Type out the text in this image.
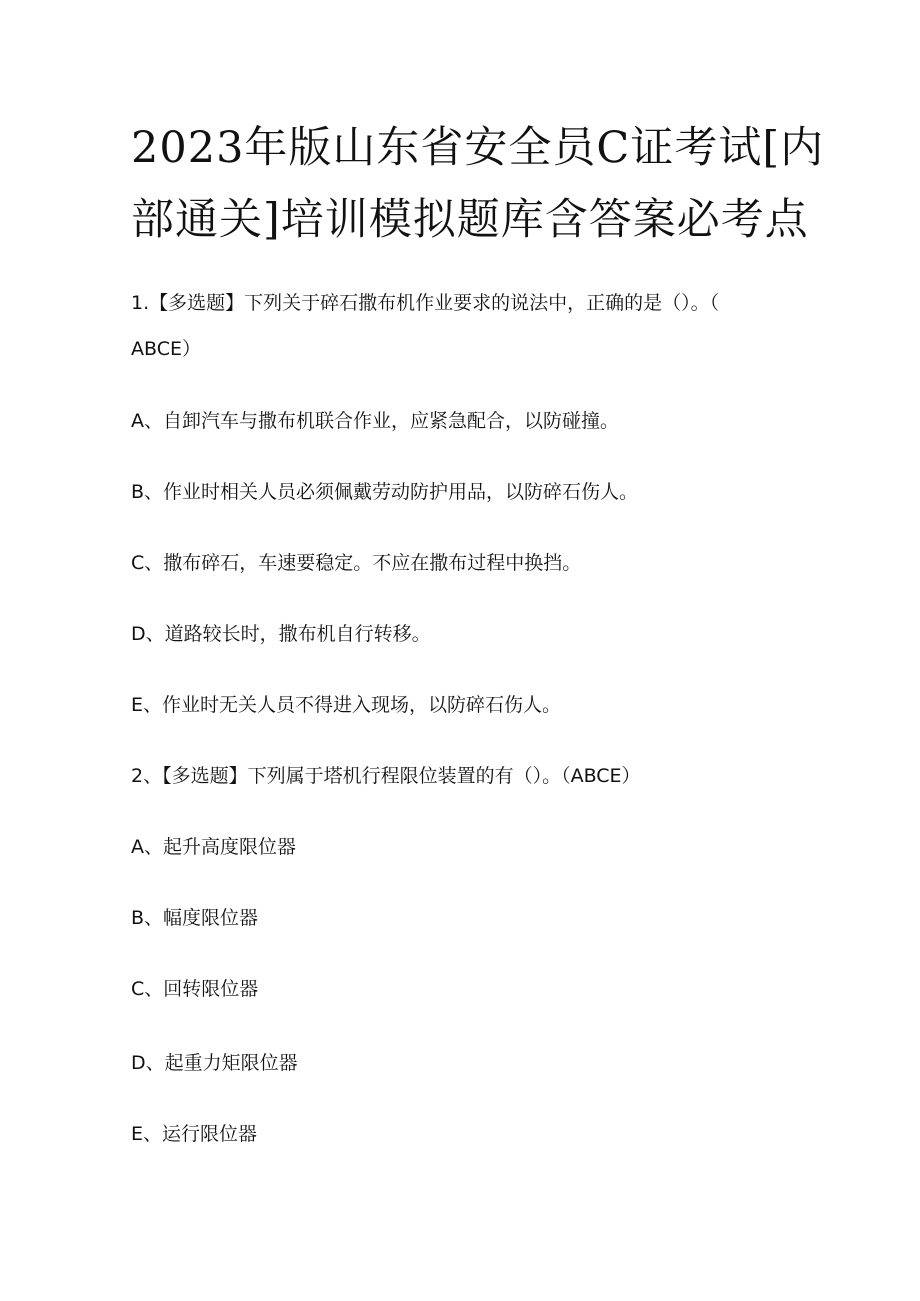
2023年版山东省安全员C证考试[内
部通关]培训模拟题库含答案必考点

1.【多选题】下列关于碎石撒布机作业要求的说法中，正确的是（）。（

ABCE）

A、自卸汽车与撒布机联合作业，应紧急配合，以防碰撞。

B、作业时相关人员必须佩戴劳动防护用品，以防碎石伤人。

C、撒布碎石，车速要稳定。不应在撒布过程中换挡。

D、道路较长时，撒布机自行转移。

E、作业时无关人员不得进入现场，以防碎石伤人。

2、【多选题】下列属于塔机行程限位装置的有（）。（ABCE）

A、起升高度限位器

B、幅度限位器

C、回转限位器

D、起重力矩限位器

E、运行限位器
